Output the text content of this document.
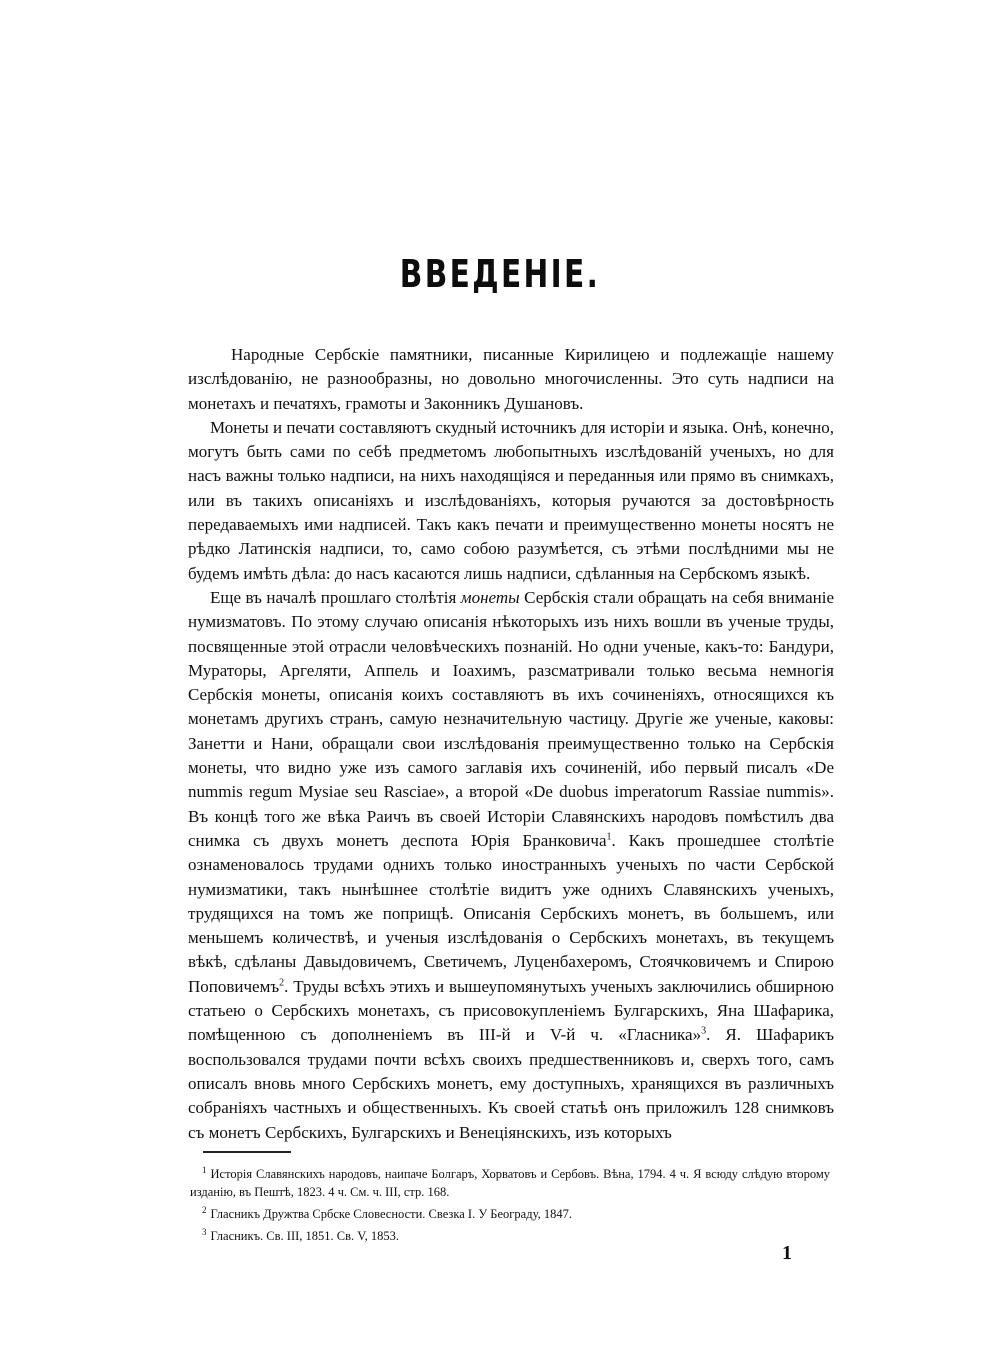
ВВЕДЕНІЕ.

Народные Сербскіе памятники, писанные Кирилицею и подлежащіе нашему изслѣдованію, не разнообразны, но довольно многочисленны. Это суть надписи на монетахъ и печатяхъ, грамоты и Законникъ Душановъ.

Монеты и печати составляютъ скудный источникъ для исторіи и языка. Онѣ, конечно, могутъ быть сами по себѣ предметомъ любопытныхъ изслѣдованій ученыхъ, но для насъ важны только надписи, на нихъ находящіяся и переданныя или прямо въ снимкахъ, или въ такихъ описаніяхъ и изслѣдованіяхъ, которыя ручаются за достовѣрность передаваемыхъ ими надписей. Такъ какъ печати и преимущественно монеты носятъ не рѣдко Латинскія надписи, то, само собою разумѣется, съ этѣми послѣдними мы не будемъ имѣть дѣла: до насъ касаются лишь надписи, сдѣланныя на Сербскомъ языкѣ.

Еще въ началѣ прошлаго столѣтія монеты Сербскія стали обращать на себя вниманіе нумизматовъ. По этому случаю описанія нѣкоторыхъ изъ нихъ вошли въ ученые труды, посвященные этой отрасли человѣческихъ познаній. Но одни ученые, какъ-то: Бандури, Мураторы, Аргеляти, Аппель и Іоахимъ, разсматривали только весьма немногія Сербскія монеты, описанія коихъ составляютъ въ ихъ сочиненіяхъ, относящихся къ монетамъ другихъ странъ, самую незначительную частицу. Другіе же ученые, каковы: Занетти и Нани, обращали свои изслѣдованія преимущественно только на Сербскія монеты, что видно уже изъ самого заглавія ихъ сочиненій, ибо первый писалъ «De nummis regum Mysiae seu Rasciae», а второй «De duobus imperatorum Rassiae nummis». Въ концѣ того же вѣка Раичъ въ своей Исторіи Славянскихъ народовъ помѣстилъ два снимка съ двухъ монетъ деспота Юрія Бранковича$^1$. Какъ прошедшее столѣтіе ознаменовалось трудами однихъ только иностранныхъ ученыхъ по части Сербской нумизматики, такъ нынѣшнее столѣтіе видитъ уже однихъ Славянскихъ ученыхъ, трудящихся на томъ же поприщѣ. Описанія Сербскихъ монетъ, въ большемъ, или меньшемъ количествѣ, и ученыя изслѣдованія о Сербскихъ монетахъ, въ текущемъ вѣкѣ, сдѣланы Давыдовичемъ, Светичемъ, Луценбахеромъ, Стоячковичемъ и Спирою Поповичемъ$^2$. Труды всѣхъ этихъ и вышеупомянутыхъ ученыхъ заключились обширною статьею о Сербскихъ монетахъ, съ присовокупленіемъ Булгарскихъ, Яна Шафарика, помѣщенною съ дополненіемъ въ III-й и V-й ч. «Гласника»$^3$. Я. Шафарикъ воспользовался трудами почти всѣхъ своихъ предшественниковъ и, сверхъ того, самъ описалъ вновь много Сербскихъ монетъ, ему доступныхъ, хранящихся въ различныхъ собраніяхъ частныхъ и общественныхъ. Къ своей статьѣ онъ приложилъ 128 снимковъ съ монетъ Сербскихъ, Булгарскихъ и Венеціянскихъ, изъ которыхъ

$^1$ Исторія Славянскихъ народовъ, наипаче Болгаръ, Хорватовъ и Сербовъ. Вѣна, 1794. 4 ч. Я всюду слѣдую второму изданію, въ Пештѣ, 1823. 4 ч. См. ч. III, стр. 168.

$^2$ Гласникъ Дружтва Србске Словесности. Свезка I. У Београду, 1847.

$^3$ Гласникъ. Св. III, 1851. Св. V, 1853.

1
